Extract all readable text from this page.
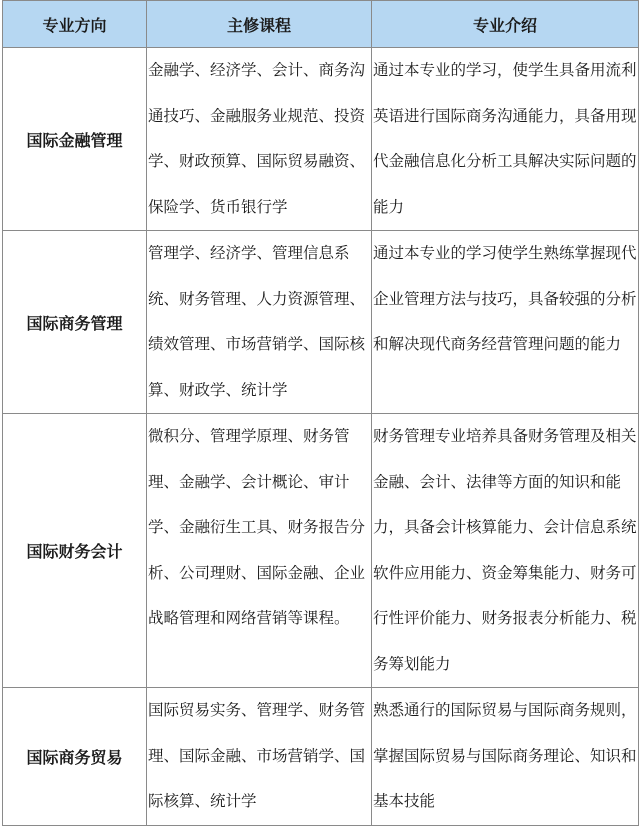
专业方向	主修课程	专业介绍
国际金融管理	金融学、经济学、会计、商务沟通技巧、金融服务业规范、投资学、财政预算、国际贸易融资、保险学、货币银行学	通过本专业的学习，使学生具备用流利英语进行国际商务沟通能力，具备用现代金融信息化分析工具解决实际问题的能力
国际商务管理	管理学、经济学、管理信息系统、财务管理、人力资源管理、绩效管理、市场营销学、国际核算、财政学、统计学	通过本专业的学习使学生熟练掌握现代企业管理方法与技巧，具备较强的分析和解决现代商务经营管理问题的能力
国际财务会计	微积分、管理学原理、财务管理、金融学、会计概论、审计学、金融衍生工具、财务报告分析、公司理财、国际金融、企业战略管理和网络营销等课程。	财务管理专业培养具备财务管理及相关金融、会计、法律等方面的知识和能力，具备会计核算能力、会计信息系统软件应用能力、资金筹集能力、财务可行性评价能力、财务报表分析能力、税务筹划能力
国际商务贸易	国际贸易实务、管理学、财务管理、国际金融、市场营销学、国际核算、统计学	熟悉通行的国际贸易与国际商务规则，掌握国际贸易与国际商务理论、知识和基本技能
